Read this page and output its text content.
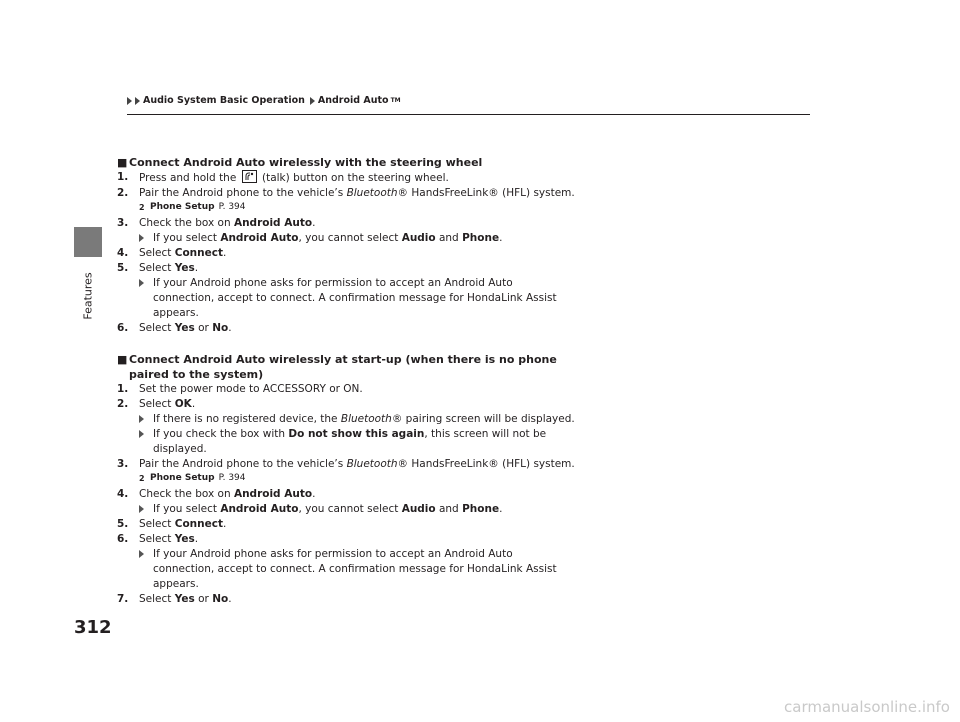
Audio System Basic Operation Android Auto TM
Features
312
■ Connect Android Auto wirelessly with the steering wheel
1.	Press and hold the (talk) button on the steering wheel.
2.	Pair the Android phone to the vehicle’s Bluetooth® HandsFreeLink® (HFL) system.
2 Phone Setup P. 394
3.	Check the box on Android Auto.
If you select Android Auto, you cannot select Audio and Phone.
4.	Select Connect.
5.	Select Yes.
If your Android phone asks for permission to accept an Android Auto
connection, accept to connect. A confirmation message for HondaLink Assist
appears.
6.	Select Yes or No.
■ Connect Android Auto wirelessly at start-up (when there is no phone
paired to the system)
1.	Set the power mode to ACCESSORY or ON.
2.	Select OK.
If there is no registered device, the Bluetooth® pairing screen will be displayed.
If you check the box with Do not show this again, this screen will not be
displayed.
3.	Pair the Android phone to the vehicle’s Bluetooth® HandsFreeLink® (HFL) system.
2 Phone Setup P. 394
4.	Check the box on Android Auto.
If you select Android Auto, you cannot select Audio and Phone.
5.	Select Connect.
6.	Select Yes.
If your Android phone asks for permission to accept an Android Auto
connection, accept to connect. A confirmation message for HondaLink Assist
appears.
7.	Select Yes or No.
carmanualsonline.info
